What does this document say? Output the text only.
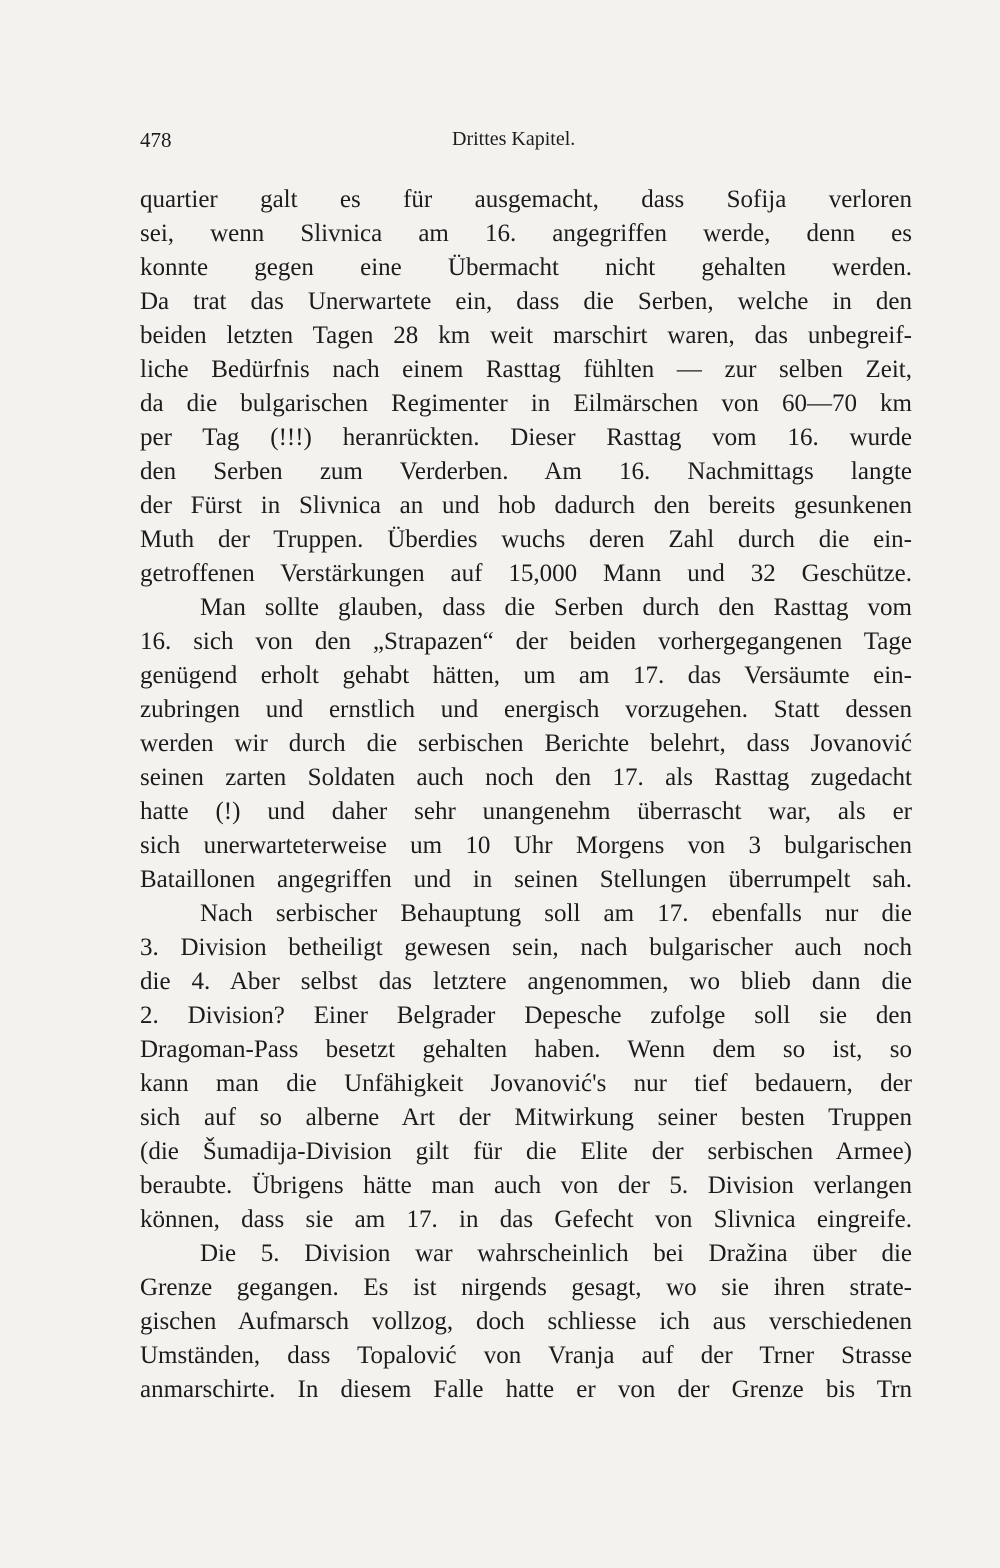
478	Drittes Kapitel.
quartier galt es für ausgemacht, dass Sofija verloren
sei, wenn Slivnica am 16. angegriffen werde, denn es
konnte gegen eine Übermacht nicht gehalten werden.
Da trat das Unerwartete ein, dass die Serben, welche in den
beiden letzten Tagen 28 km weit marschirt waren, das unbegreif-
liche Bedürfnis nach einem Rasttag fühlten — zur selben Zeit,
da die bulgarischen Regimenter in Eilmärschen von 60—70 km
per Tag (!!!) heranrückten. Dieser Rasttag vom 16. wurde
den Serben zum Verderben. Am 16. Nachmittags langte
der Fürst in Slivnica an und hob dadurch den bereits gesunkenen
Muth der Truppen. Überdies wuchs deren Zahl durch die ein-
getroffenen Verstärkungen auf 15,000 Mann und 32 Geschütze.
Man sollte glauben, dass die Serben durch den Rasttag vom
16. sich von den „Strapazen“ der beiden vorhergegangenen Tage
genügend erholt gehabt hätten, um am 17. das Versäumte ein-
zubringen und ernstlich und energisch vorzugehen. Statt dessen
werden wir durch die serbischen Berichte belehrt, dass Jovanović
seinen zarten Soldaten auch noch den 17. als Rasttag zugedacht
hatte (!) und daher sehr unangenehm überrascht war, als er
sich unerwarteterweise um 10 Uhr Morgens von 3 bulgarischen
Bataillonen angegriffen und in seinen Stellungen überrumpelt sah.
Nach serbischer Behauptung soll am 17. ebenfalls nur die
3. Division betheiligt gewesen sein, nach bulgarischer auch noch
die 4. Aber selbst das letztere angenommen, wo blieb dann die
2. Division? Einer Belgrader Depesche zufolge soll sie den
Dragoman-Pass besetzt gehalten haben. Wenn dem so ist, so
kann man die Unfähigkeit Jovanović's nur tief bedauern, der
sich auf so alberne Art der Mitwirkung seiner besten Truppen
(die Šumadija-Division gilt für die Elite der serbischen Armee)
beraubte. Übrigens hätte man auch von der 5. Division verlangen
können, dass sie am 17. in das Gefecht von Slivnica eingreife.
Die 5. Division war wahrscheinlich bei Dražina über die
Grenze gegangen. Es ist nirgends gesagt, wo sie ihren strate-
gischen Aufmarsch vollzog, doch schliesse ich aus verschiedenen
Umständen, dass Topalović von Vranja auf der Trner Strasse
anmarschirte. In diesem Falle hatte er von der Grenze bis Trn
